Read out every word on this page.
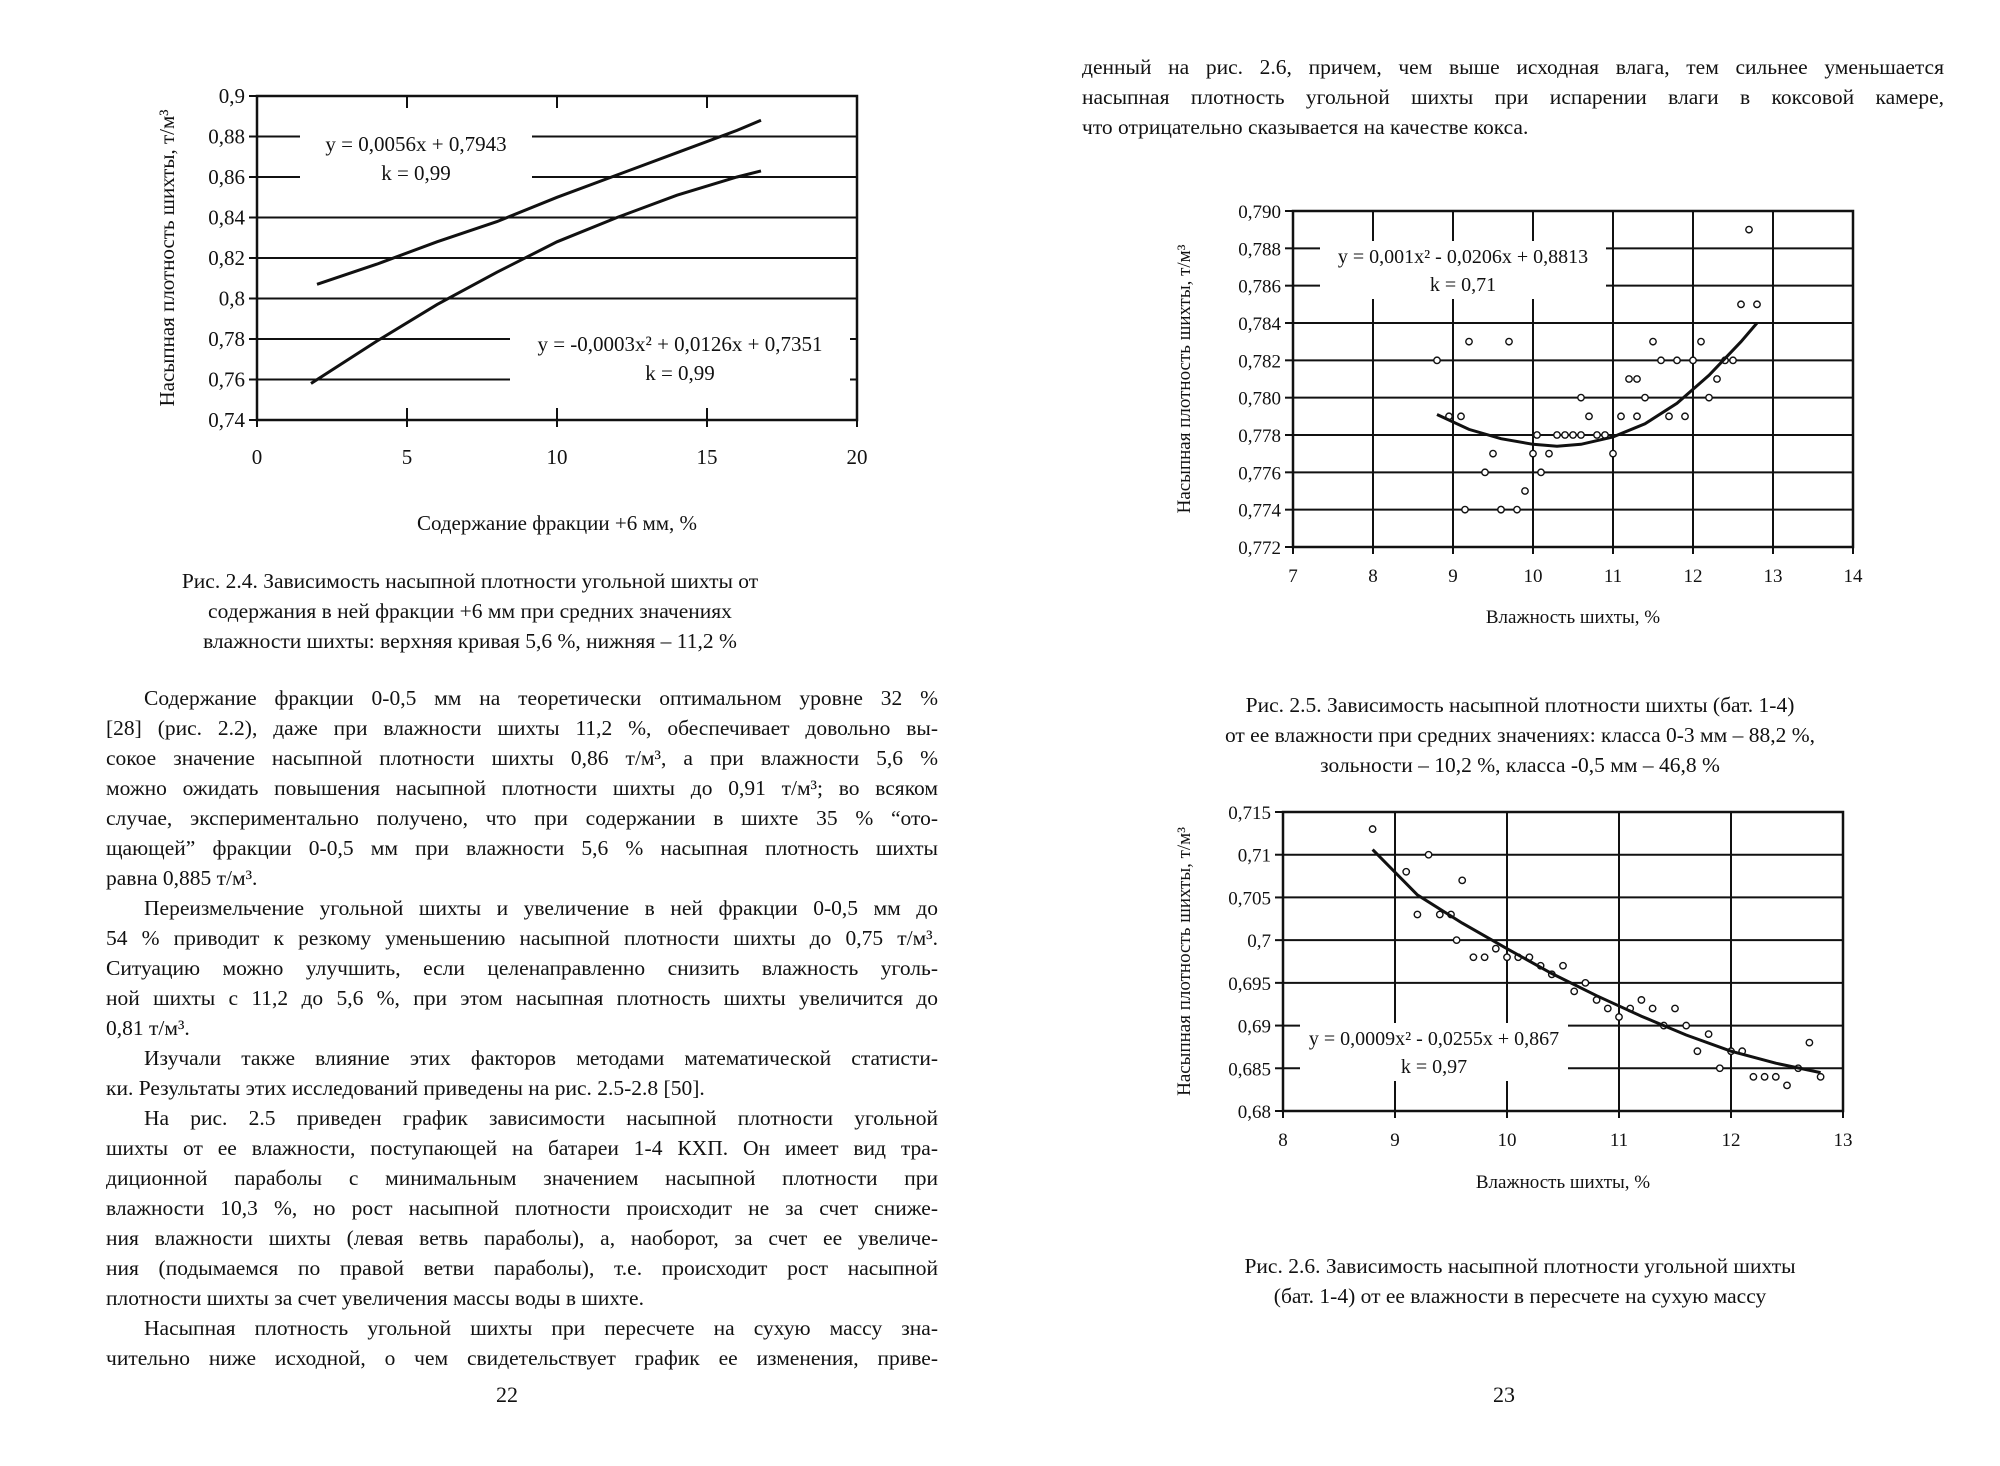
0,74
0,76
0,78
0,8
0,82
0,84
0,86
0,88
0,9
0	5	10	15	20
Содержание фракции +6 мм, %
Насыпная плотность шихты, т/м³	y = 0,0056x + 0,7943
k = 0,99
y = -0,0003x² + 0,0126x + 0,7351
k = 0,99
Рис. 2.4. Зависимость насыпной плотности угольной шихты от
содержания в ней фракции +6 мм при средних значениях
влажности шихты: верхняя кривая 5,6 %, нижняя – 11,2 %
Содержание фракции 0-0,5 мм на теоретически оптимальном уровне 32 %
[28] (рис. 2.2), даже при влажности шихты 11,2 %, обеспечивает довольно вы-
сокое значение насыпной плотности шихты 0,86 т/м³, а при влажности 5,6 %
можно ожидать повышения насыпной плотности шихты до 0,91 т/м³; во всяком
случае, экспериментально получено, что при содержании в шихте 35 % “ото-
щающей” фракции 0-0,5 мм при влажности 5,6 % насыпная плотность шихты
равна 0,885 т/м³.
Переизмельчение угольной шихты и увеличение в ней фракции 0-0,5 мм до
54 % приводит к резкому уменьшению насыпной плотности шихты до 0,75 т/м³.
Ситуацию можно улучшить, если целенаправленно снизить влажность уголь-
ной шихты с 11,2 до 5,6 %, при этом насыпная плотность шихты увеличится до
0,81 т/м³.
Изучали также влияние этих факторов методами математической статисти-
ки. Результаты этих исследований приведены на рис. 2.5-2.8 [50].
На рис. 2.5 приведен график зависимости насыпной плотности угольной
шихты от ее влажности, поступающей на батареи 1-4 КХП. Он имеет вид тра-
диционной параболы с минимальным значением насыпной плотности при
влажности 10,3 %, но рост насыпной плотности происходит не за счет сниже-
ния влажности шихты (левая ветвь параболы), а, наоборот, за счет ее увеличе-
ния (подымаемся по правой ветви параболы), т.е. происходит рост насыпной
плотности шихты за счет увеличения массы воды в шихте.
Насыпная плотность угольной шихты при пересчете на сухую массу зна-
чительно ниже исходной, о чем свидетельствует график ее изменения, приве-
22
денный на рис. 2.6, причем, чем выше исходная влага, тем сильнее уменьшается
насыпная плотность угольной шихты при испарении влаги в коксовой камере,
что отрицательно сказывается на качестве кокса.
0,772
0,774
0,776
0,778
0,780
0,782
0,784
0,786
0,788
0,790
7	8	9	10	11	12	13	14
Влажность шихты, %
Насыпная плотность шихты, т/м³	y = 0,001x² - 0,0206x + 0,8813
k = 0,71
Рис. 2.5. Зависимость насыпной плотности шихты (бат. 1-4)
от ее влажности при средних значениях: класса 0-3 мм – 88,2 %,
зольности – 10,2 %, класса -0,5 мм – 46,8 %
0,68
0,685
0,69
0,695
0,7
0,705
0,71
0,715
8	9	10	11	12	13
Влажность шихты, %
Насыпная плотность шихты, т/м³	y = 0,0009x² - 0,0255x + 0,867
k = 0,97
Рис. 2.6. Зависимость насыпной плотности угольной шихты
(бат. 1-4) от ее влажности в пересчете на сухую массу
23
